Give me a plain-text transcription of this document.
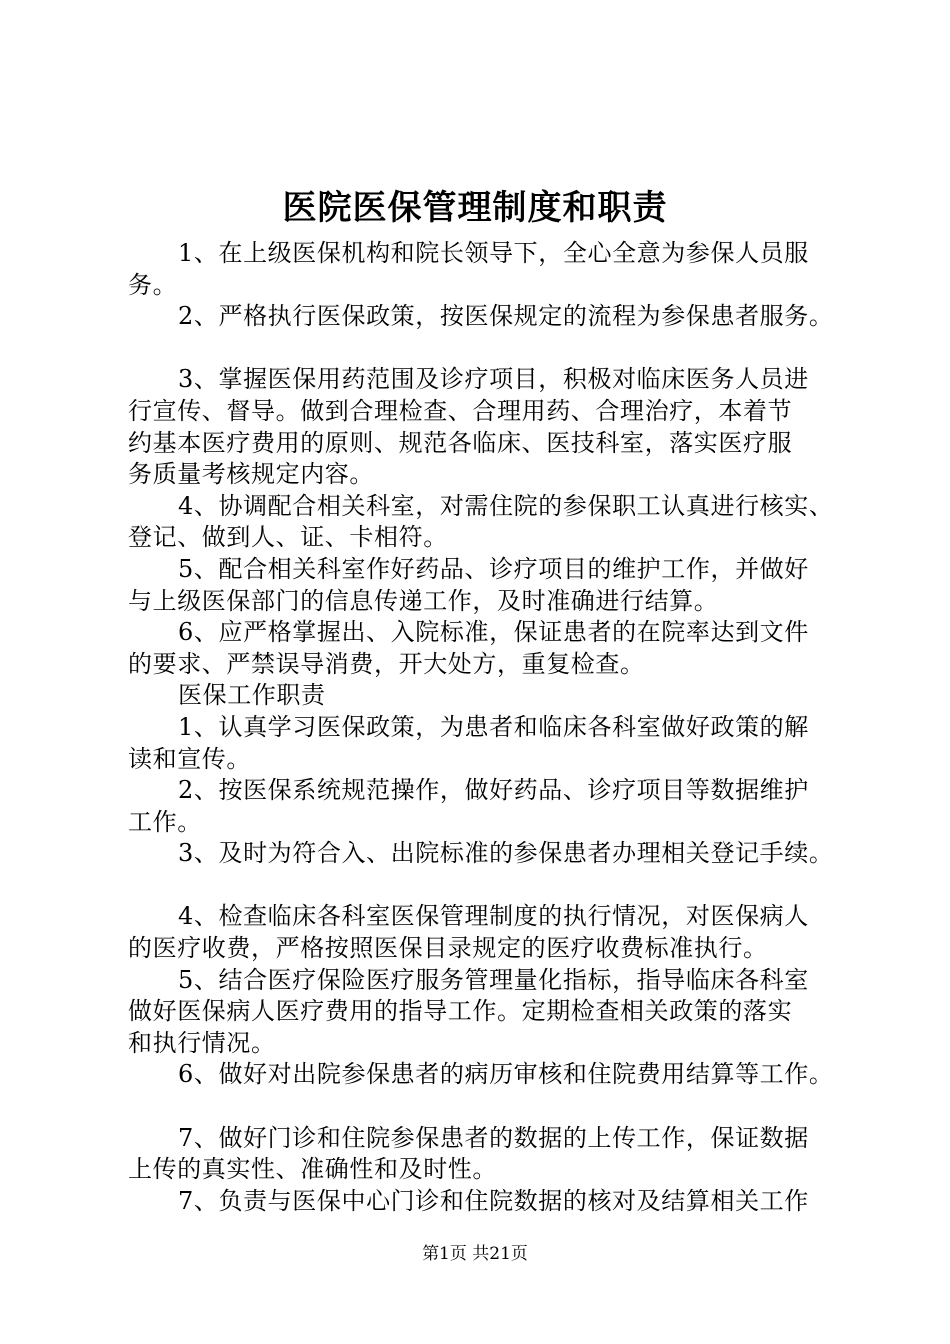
医院医保管理制度和职责
1、在上级医保机构和院长领导下，全心全意为参保人员服
务。
2、严格执行医保政策，按医保规定的流程为参保患者服务。
3、掌握医保用药范围及诊疗项目，积极对临床医务人员进
行宣传、督导。做到合理检查、合理用药、合理治疗，本着节
约基本医疗费用的原则、规范各临床、医技科室，落实医疗服
务质量考核规定内容。
4、协调配合相关科室，对需住院的参保职工认真进行核实、
登记、做到人、证、卡相符。
5、配合相关科室作好药品、诊疗项目的维护工作，并做好
与上级医保部门的信息传递工作，及时准确进行结算。
6、应严格掌握出、入院标准，保证患者的在院率达到文件
的要求、严禁误导消费，开大处方，重复检查。
医保工作职责
1、认真学习医保政策，为患者和临床各科室做好政策的解
读和宣传。
2、按医保系统规范操作，做好药品、诊疗项目等数据维护
工作。
3、及时为符合入、出院标准的参保患者办理相关登记手续。
4、检查临床各科室医保管理制度的执行情况，对医保病人
的医疗收费，严格按照医保目录规定的医疗收费标准执行。
5、结合医疗保险医疗服务管理量化指标，指导临床各科室
做好医保病人医疗费用的指导工作。定期检查相关政策的落实
和执行情况。
6、做好对出院参保患者的病历审核和住院费用结算等工作。
7、做好门诊和住院参保患者的数据的上传工作，保证数据
上传的真实性、准确性和及时性。
7、负责与医保中心门诊和住院数据的核对及结算相关工作
第1页 共21页
